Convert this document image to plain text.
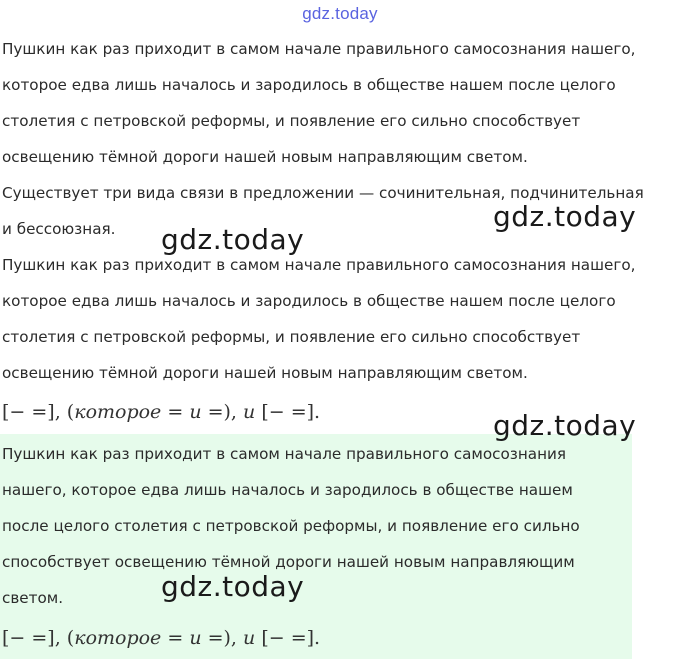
gdz.today
Пушкин как раз приходит в самом начале правильного самосознания нашего,
которое едва лишь началось и зародилось в обществе нашем после целого
столетия с петровской реформы, и появление его сильно способствует
освещению тёмной дороги нашей новым направляющим светом.
Существует три вида связи в предложении — сочинительная, подчинительная
и бессоюзная.
Пушкин как раз приходит в самом начале правильного самосознания нашего,
которое едва лишь началось и зародилось в обществе нашем после целого
столетия с петровской реформы, и появление его сильно способствует
освещению тёмной дороги нашей новым направляющим светом.
[− =], (которое = и =), и [− =].
Пушкин как раз приходит в самом начале правильного самосознания
нашего, которое едва лишь началось и зародилось в обществе нашем
после целого столетия с петровской реформы, и появление его сильно
способствует освещению тёмной дороги нашей новым направляющим
светом.
[− =], (которое = и =), и [− =].
gdz.today
gdz.today
gdz.today
gdz.today
